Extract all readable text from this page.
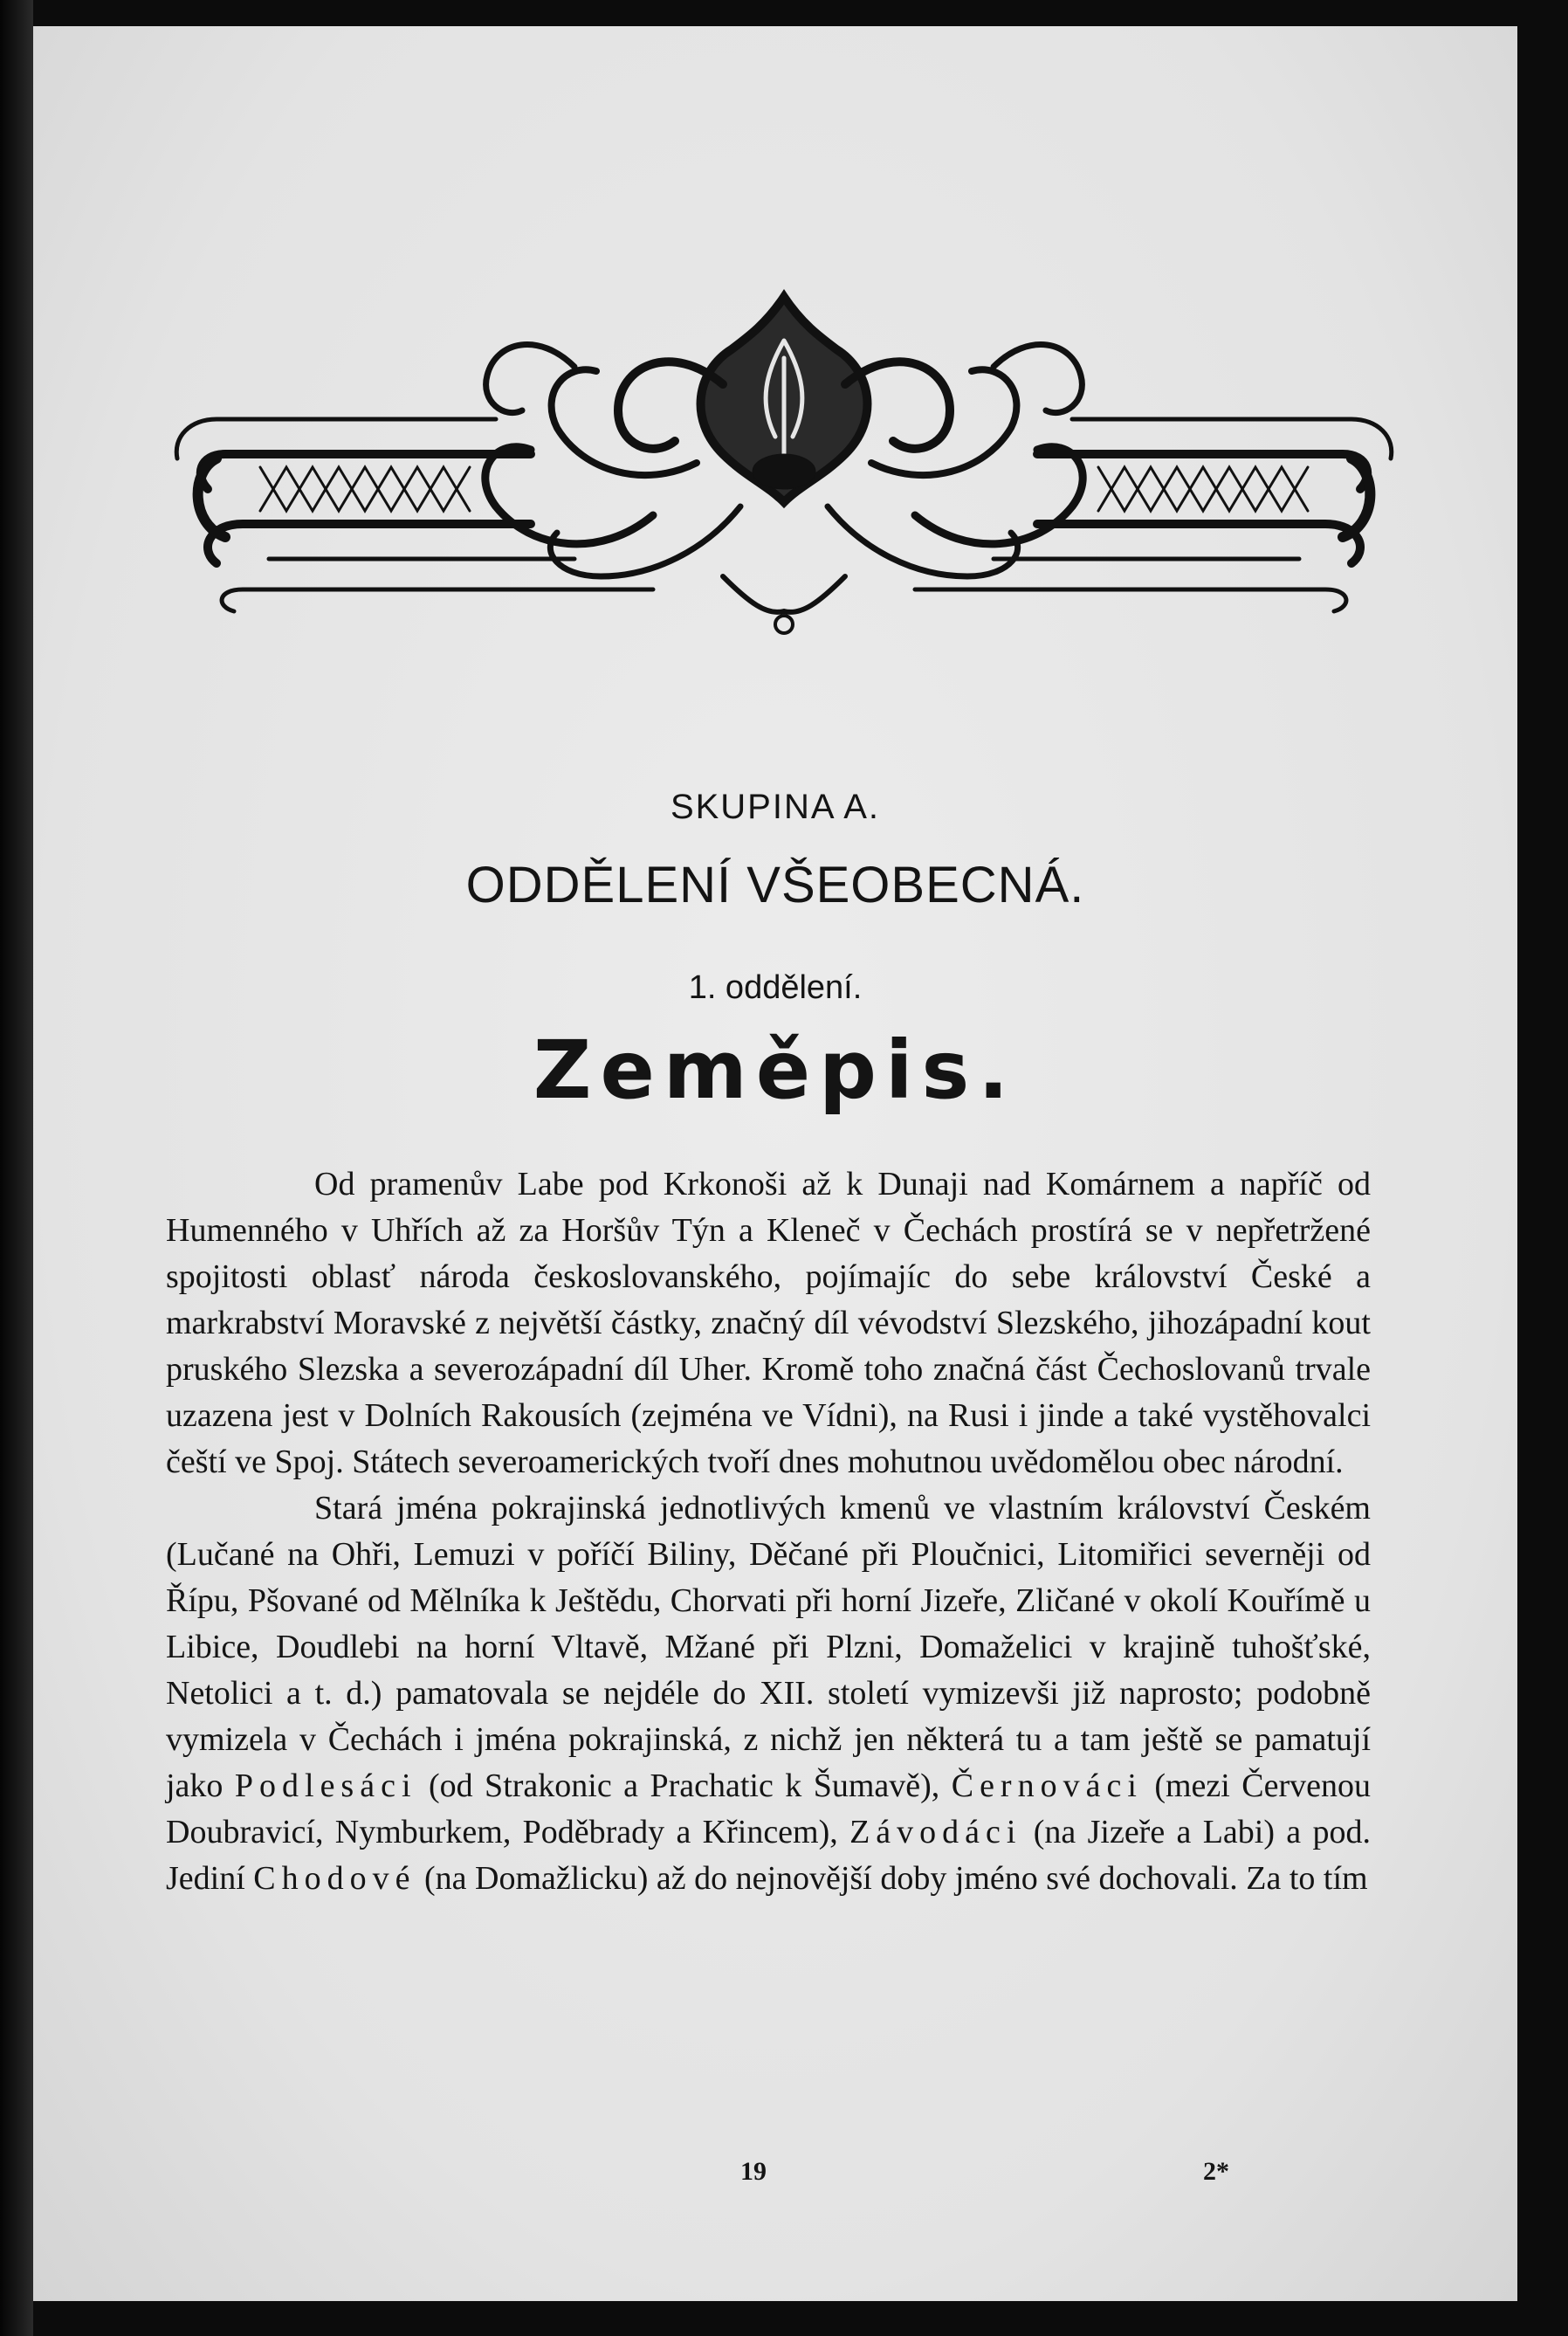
SKUPINA A.
ODDĚLENÍ VŠEOBECNÁ.
1. oddělení.
Zeměpis.

Od pramenův Labe pod Krkonoši až k Dunaji nad Komárnem a napříč od Humenného v Uhřích až za Horšův Týn a Kleneč v Čechách prostírá se v nepřetržené spojitosti oblasť národa českoslovanského, pojímajíc do sebe království České a markrabství Moravské z největší částky, značný díl vévodství Slezského, jihozápadní kout pruského Slezska a severozápadní díl Uher. Kromě toho značná část Čechoslovanů trvale uzazena jest v Dolních Rakousích (zejména ve Vídni), na Rusi i jinde a také vystěhovalci čeští ve Spoj. Státech severoamerických tvoří dnes mohutnou uvědomělou obec národní.

Stará jména pokrajinská jednotlivých kmenů ve vlastním království Českém (Lučané na Ohři, Lemuzi v poříčí Biliny, Děčané při Ploučnici, Litomiřici severněji od Řípu, Pšované od Mělníka k Ještědu, Chorvati při horní Jizeře, Zličané v okolí Kouřímě u Libice, Doudlebi na horní Vltavě, Mžané při Plzni, Domaželici v krajině tuhošťské, Netolici a t. d.) pamatovala se nejdéle do XII. století vymizevši již naprosto; podobně vymizela v Čechách i jména pokrajinská, z nichž jen některá tu a tam ještě se pamatují jako Podlesáci (od Strakonic a Prachatic k Šumavě), Černováci (mezi Červenou Doubravicí, Nymburkem, Poděbrady a Křincem), Závodáci (na Jizeře a Labi) a pod. Jediní Chodové (na Domažlicku) až do nejnovější doby jméno své dochovali. Za to tím

19	2*
